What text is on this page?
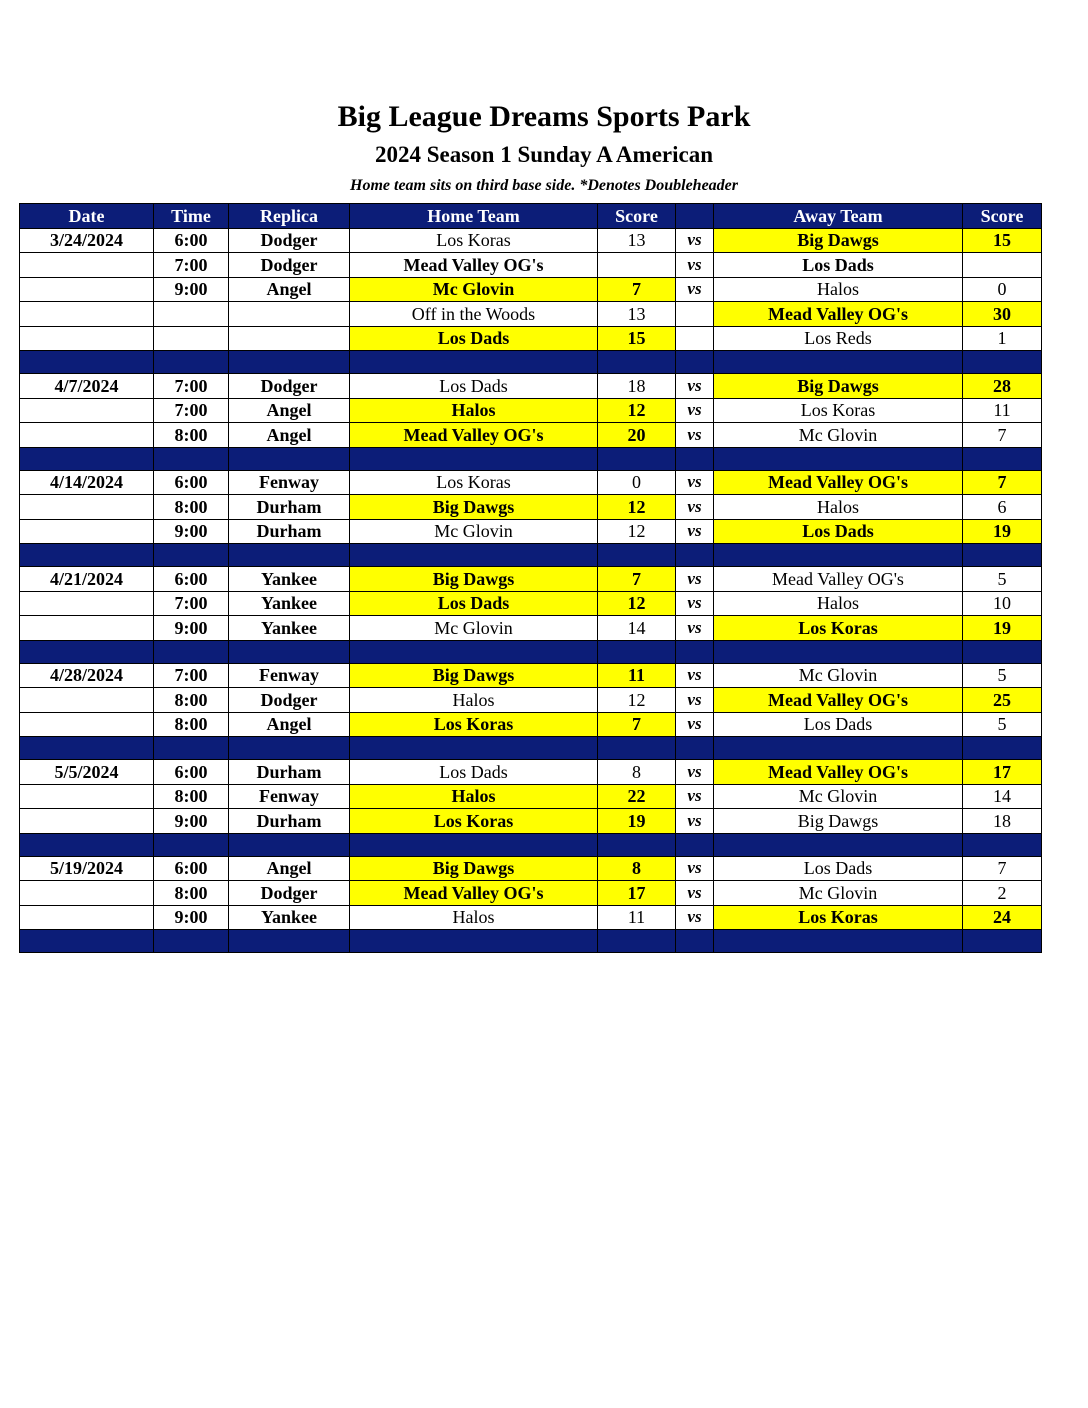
Big League Dreams Sports Park
2024 Season 1 Sunday A American
Home team sits on third base side. *Denotes Doubleheader
Date	Time	Replica	Home Team	Score		Away Team	Score
3/24/2024	6:00	Dodger	Los Koras	13	vs	Big Dawgs	15
	7:00	Dodger	Mead Valley OG's		vs	Los Dads	
	9:00	Angel	Mc Glovin	7	vs	Halos	0
			Off in the Woods	13		Mead Valley OG's	30
			Los Dads	15		Los Reds	1

4/7/2024	7:00	Dodger	Los Dads	18	vs	Big Dawgs	28
	7:00	Angel	Halos	12	vs	Los Koras	11
	8:00	Angel	Mead Valley OG's	20	vs	Mc Glovin	7

4/14/2024	6:00	Fenway	Los Koras	0	vs	Mead Valley OG's	7
	8:00	Durham	Big Dawgs	12	vs	Halos	6
	9:00	Durham	Mc Glovin	12	vs	Los Dads	19

4/21/2024	6:00	Yankee	Big Dawgs	7	vs	Mead Valley OG's	5
	7:00	Yankee	Los Dads	12	vs	Halos	10
	9:00	Yankee	Mc Glovin	14	vs	Los Koras	19

4/28/2024	7:00	Fenway	Big Dawgs	11	vs	Mc Glovin	5
	8:00	Dodger	Halos	12	vs	Mead Valley OG's	25
	8:00	Angel	Los Koras	7	vs	Los Dads	5

5/5/2024	6:00	Durham	Los Dads	8	vs	Mead Valley OG's	17
	8:00	Fenway	Halos	22	vs	Mc Glovin	14
	9:00	Durham	Los Koras	19	vs	Big Dawgs	18

5/19/2024	6:00	Angel	Big Dawgs	8	vs	Los Dads	7
	8:00	Dodger	Mead Valley OG's	17	vs	Mc Glovin	2
	9:00	Yankee	Halos	11	vs	Los Koras	24
